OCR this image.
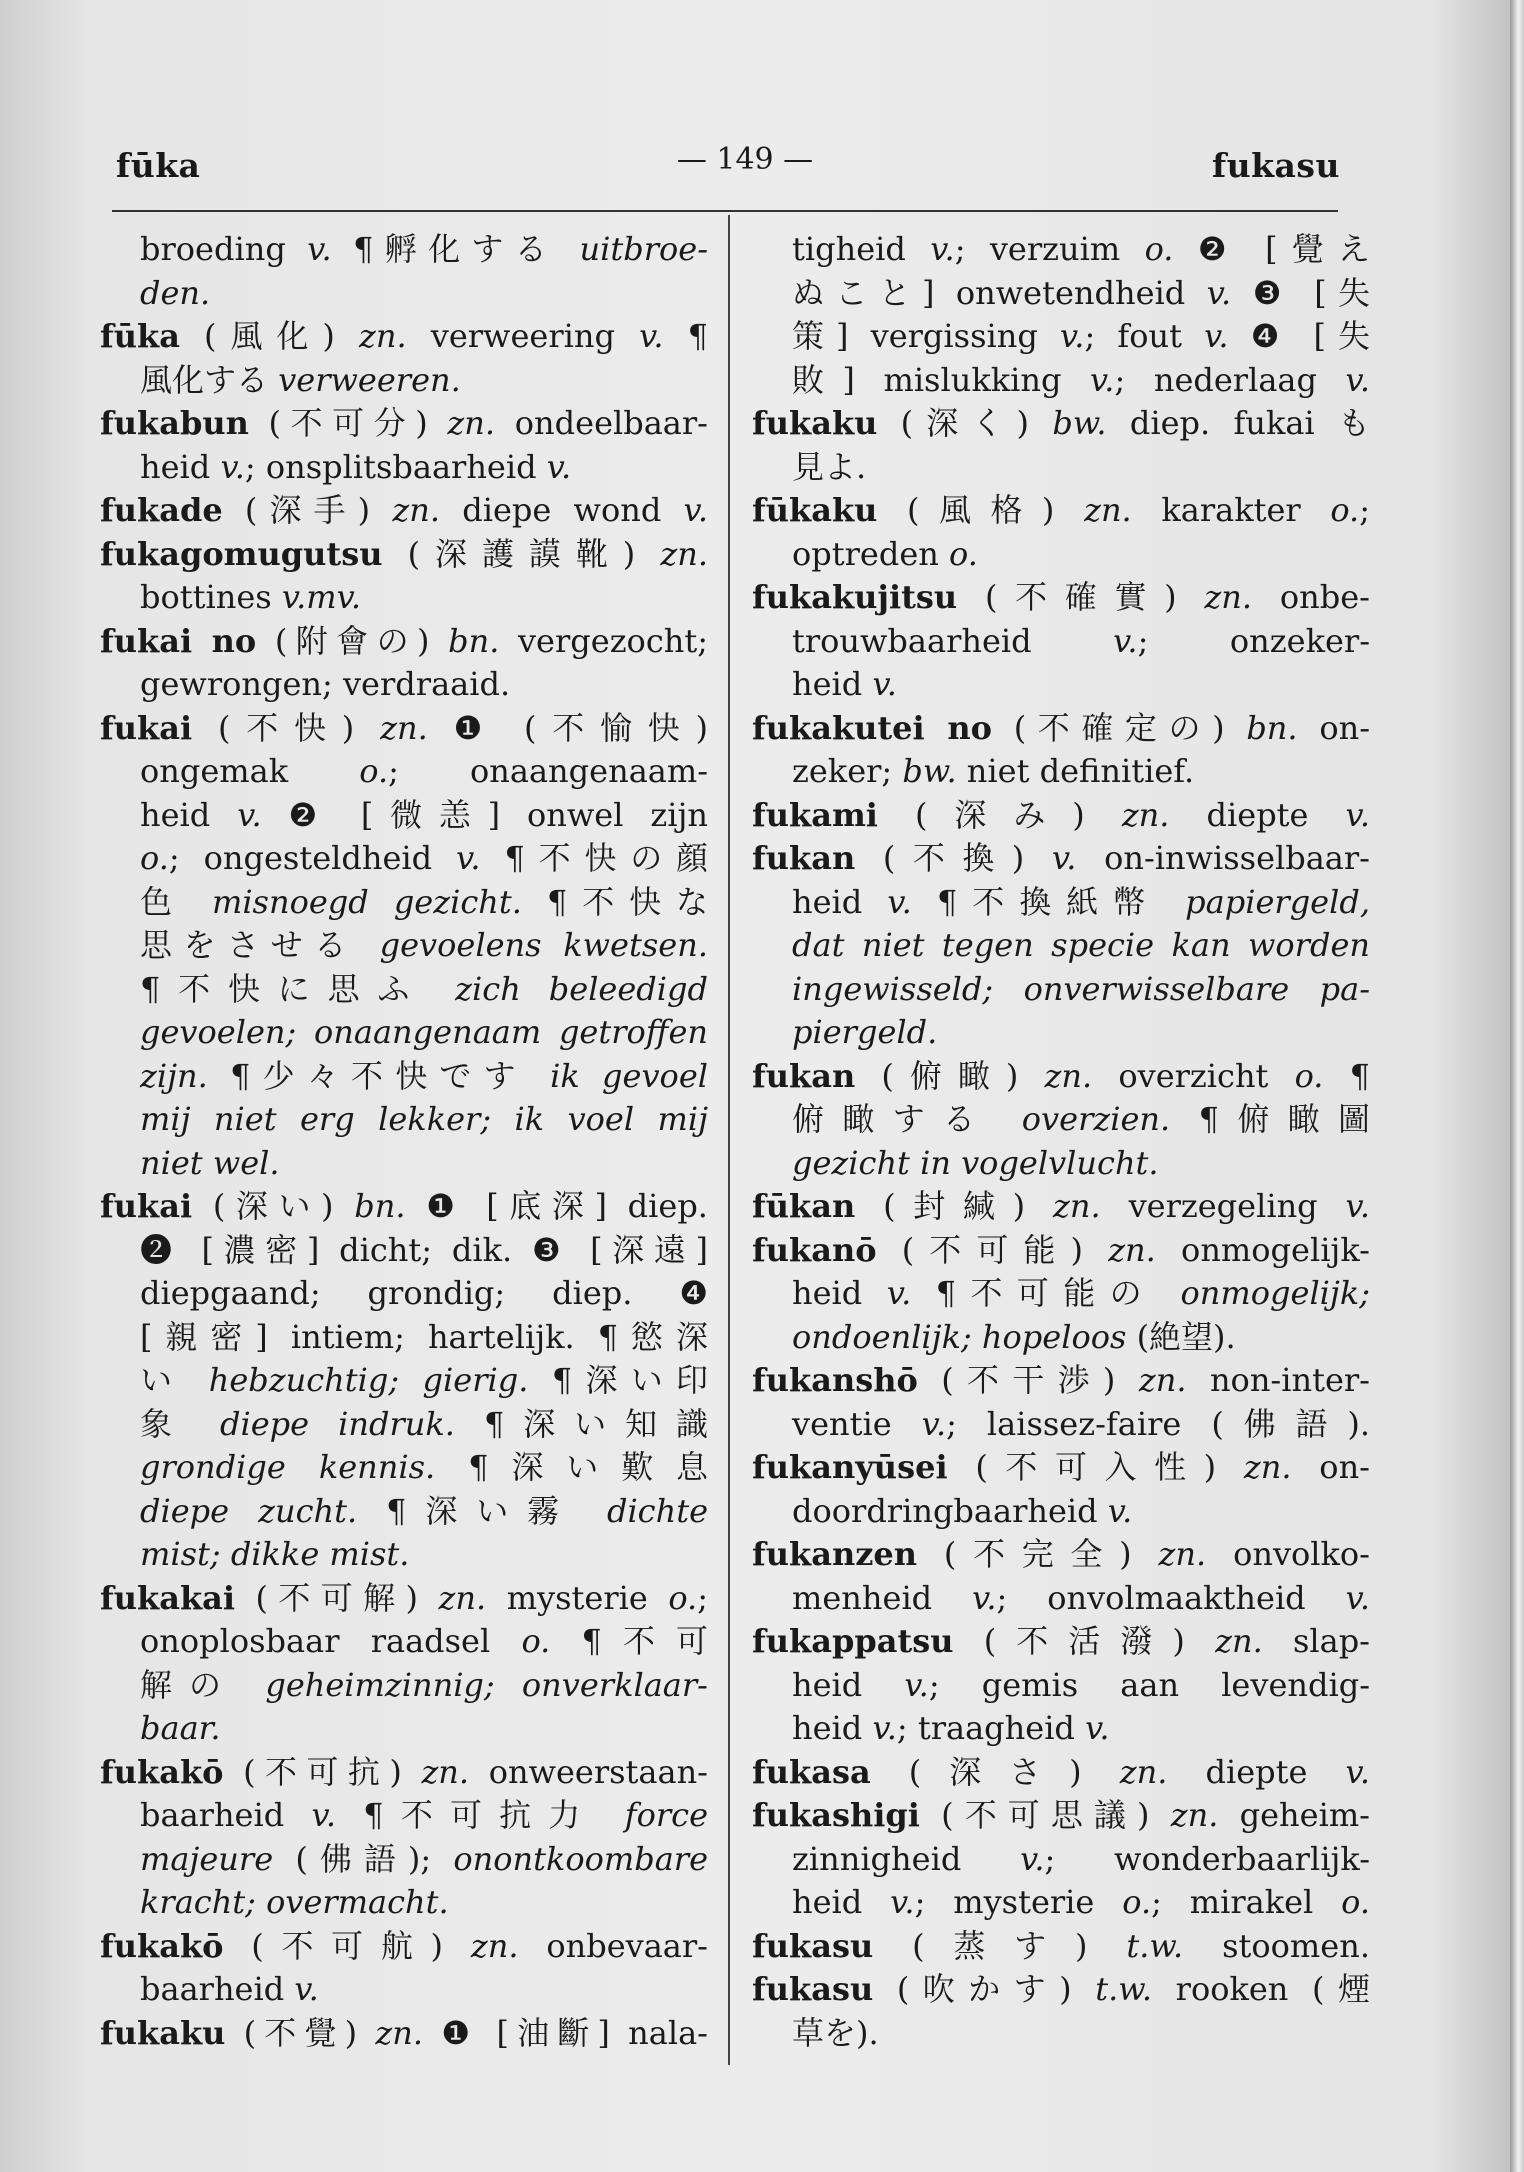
fūka	— 149 —	fukasu
broeding v. ¶孵化する uitbroe-
den.
fūka (風化) zn. verweering v. ¶
風化する verweeren.
fukabun (不可分) zn. ondeelbaar-
heid v.; onsplitsbaarheid v.
fukade (深手) zn. diepe wond v.
fukagomugutsu (深護謨靴) zn.
bottines v.mv.
fukai no (附會の) bn. vergezocht;
gewrongen; verdraaid.
fukai (不快) zn. ❶ (不愉快)
ongemak o.; onaangenaam-
heid v. ❷ [微恙] onwel zijn
o.; ongesteldheid v. ¶不快の顔
色 misnoegd gezicht. ¶不快な
思をさせる gevoelens kwetsen.
¶不快に思ふ zich beleedigd
gevoelen; onaangenaam getroffen
zijn. ¶少々不快です ik gevoel
mij niet erg lekker; ik voel mij
niet wel.
fukai (深い) bn. ❶ [底深] diep.
❷ [濃密] dicht; dik. ❸ [深遠]
diepgaand; grondig; diep. ❹
[親密] intiem; hartelijk. ¶慾深
い hebzuchtig; gierig. ¶深い印
象 diepe indruk. ¶深い知識
grondige kennis. ¶深い歎息
diepe zucht. ¶深い霧 dichte
mist; dikke mist.
fukakai (不可解) zn. mysterie o.;
onoplosbaar raadsel o. ¶不可
解の geheimzinnig; onverklaar-
baar.
fukakō (不可抗) zn. onweerstaan-
baarheid v. ¶不可抗力 force
majeure (佛語); onontkoombare
kracht; overmacht.
fukakō (不可航) zn. onbevaar-
baarheid v.
fukaku (不覺) zn. ❶ [油斷] nala-
tigheid v.; verzuim o. ❷ [覺え
ぬこと] onwetendheid v. ❸ [失
策] vergissing v.; fout v. ❹ [失
敗] mislukking v.; nederlaag v.
fukaku (深く) bw. diep. fukai も
見よ.
fūkaku (風格) zn. karakter o.;
optreden o.
fukakujitsu (不確實) zn. onbe-
trouwbaarheid v.; onzeker-
heid v.
fukakutei no (不確定の) bn. on-
zeker; bw. niet definitief.
fukami (深み) zn. diepte v.
fukan (不換) v. on-inwisselbaar-
heid v. ¶不換紙幣 papiergeld,
dat niet tegen specie kan worden
ingewisseld; onverwisselbare pa-
piergeld.
fukan (俯瞰) zn. overzicht o. ¶
俯瞰する overzien. ¶俯瞰圖
gezicht in vogelvlucht.
fūkan (封緘) zn. verzegeling v.
fukanō (不可能) zn. onmogelijk-
heid v. ¶不可能の onmogelijk;
ondoenlijk; hopeloos (絶望).
fukanshō (不干渉) zn. non-inter-
ventie v.; laissez-faire (佛語).
fukanyūsei (不可入性) zn. on-
doordringbaarheid v.
fukanzen (不完全) zn. onvolko-
menheid v.; onvolmaaktheid v.
fukappatsu (不活潑) zn. slap-
heid v.; gemis aan levendig-
heid v.; traagheid v.
fukasa (深さ) zn. diepte v.
fukashigi (不可思議) zn. geheim-
zinnigheid v.; wonderbaarlijk-
heid v.; mysterie o.; mirakel o.
fukasu (蒸す) t.w. stoomen.
fukasu (吹かす) t.w. rooken (煙
草を).
